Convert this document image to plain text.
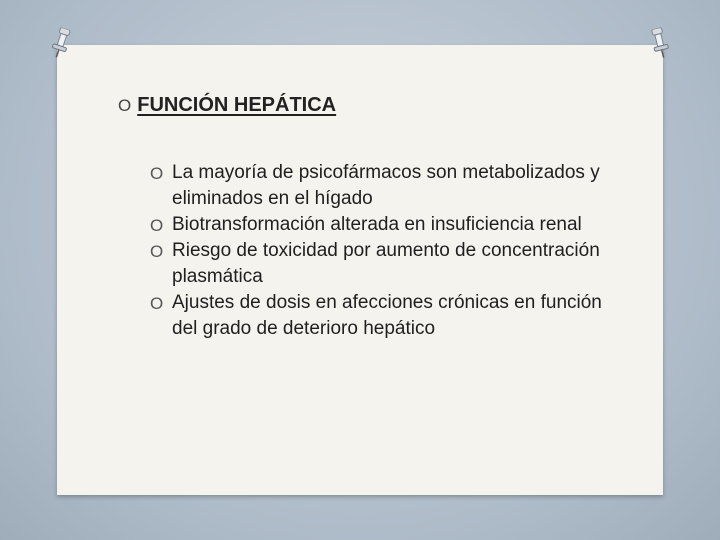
O FUNCIÓN HEPÁTICA
O La mayoría de psicofármacos son metabolizados y eliminados en el hígado
O Biotransformación alterada en insuficiencia renal
O Riesgo de toxicidad por aumento de concentración plasmática
O Ajustes de dosis en afecciones crónicas en función del grado de deterioro hepático
